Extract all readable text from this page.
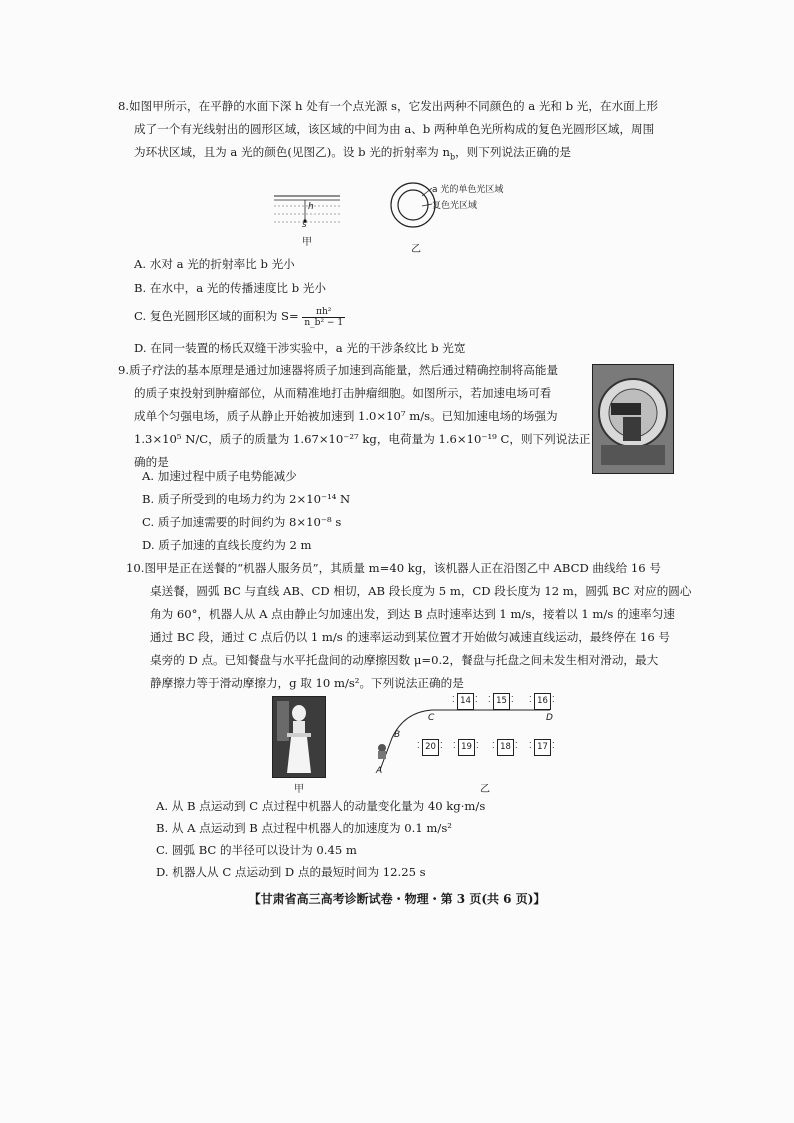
8.如图甲所示，在平静的水面下深 h 处有一个点光源 s，它发出两种不同颜色的 a 光和 b 光，在水面上形
成了一个有光线射出的圆形区域，该区域的中间为由 a、b 两种单色光所构成的复色光圆形区域，周围
为环状区域，且为 a 光的颜色(见图乙)。设 b 光的折射率为 $n_b$，则下列说法正确的是
h
s
甲
a 光的单色光区域
复色光区域
乙
A. 水对 a 光的折射率比 b 光小
B. 在水中，a 光的传播速度比 b 光小
C. 复色光圆形区域的面积为 $S= \frac{\text{πh²}}{\text{n\_b² − 1}}$
D. 在同一装置的杨氏双缝干涉实验中，a 光的干涉条纹比 b 光宽
9.质子疗法的基本原理是通过加速器将质子加速到高能量，然后通过精确控制将高能量
的质子束投射到肿瘤部位，从而精准地打击肿瘤细胞。如图所示，若加速电场可看
成单个匀强电场，质子从静止开始被加速到 1.0×10⁷ m/s。已知加速电场的场强为
1.3×10⁵ N/C，质子的质量为 1.67×10⁻²⁷ kg，电荷量为 1.6×10⁻¹⁹ C，则下列说法正
确的是
A. 加速过程中质子电势能减少
B. 质子所受到的电场力约为 2×10⁻¹⁴ N
C. 质子加速需要的时间约为 8×10⁻⁸ s
D. 质子加速的直线长度约为 2 m
10.图甲是正在送餐的“机器人服务员”，其质量 m=40 kg，该机器人正在沿图乙中 ABCD 曲线给 16 号
桌送餐，圆弧 BC 与直线 AB、CD 相切，AB 段长度为 5 m，CD 段长度为 12 m，圆弧 BC 对应的圆心
角为 60°，机器人从 A 点由静止匀加速出发，到达 B 点时速率达到 1 m/s，接着以 1 m/s 的速率匀速
通过 BC 段，通过 C 点后仍以 1 m/s 的速率运动到某位置才开始做匀减速直线运动，最终停在 16 号
桌旁的 D 点。已知餐盘与水平托盘间的动摩擦因数 μ=0.2，餐盘与托盘之间未发生相对滑动，最大
静摩擦力等于滑动摩擦力，g 取 10 m/s²。下列说法正确的是
甲
A
B
C	D
⁚ 14 ⁚ ⁚ 15 ⁚ ⁚ 16 ⁚
⁚ 20 ⁚ ⁚ 19 ⁚ ⁚ 18 ⁚ ⁚ 17 ⁚
乙
A. 从 B 点运动到 C 点过程中机器人的动量变化量为 40 kg·m/s
B. 从 A 点运动到 B 点过程中机器人的加速度为 0.1 m/s²
C. 圆弧 BC 的半径可以设计为 0.45 m
D. 机器人从 C 点运动到 D 点的最短时间为 12.25 s
【甘肃省高三高考诊断试卷・物理・第 3 页(共 6 页)】
